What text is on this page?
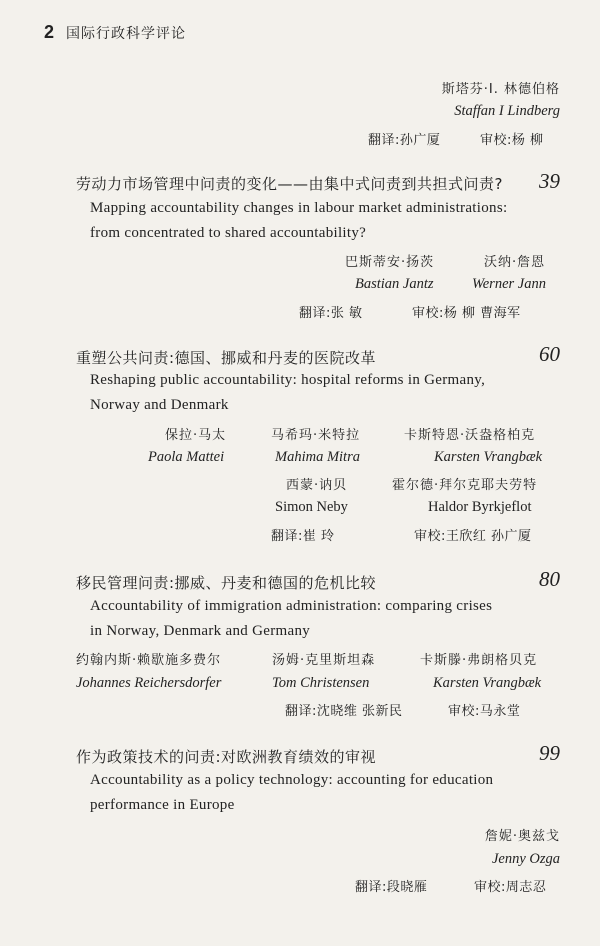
2 国际行政科学评论
斯塔芬·I. 林德伯格
Staffan I Lindberg
翻译:孙广厦	审校:杨 柳
劳动力市场管理中问责的变化——由集中式问责到共担式问责? 39
Mapping accountability changes in labour market administrations:
from concentrated to shared accountability?
巴斯蒂安·扬茨	沃纳·詹恩
Bastian Jantz	Werner Jann
翻译:张 敏	审校:杨 柳 曹海军
重塑公共问责:德国、挪威和丹麦的医院改革	60
Reshaping public accountability: hospital reforms in Germany,
Norway and Denmark
保拉·马太	马希玛·米特拉	卡斯特恩·沃盎格柏克
Paola Mattei	Mahima Mitra	Karsten Vrangbæk
西蒙·讷贝	霍尔德·拜尔克耶夫劳特
Simon Neby	Haldor Byrkjeflot
翻译:崔 玲	审校:王欣红 孙广厦
移民管理问责:挪威、丹麦和德国的危机比较	80
Accountability of immigration administration: comparing crises
in Norway, Denmark and Germany
约翰内斯·赖歇施多费尔	汤姆·克里斯坦森	卡斯滕·弗朗格贝克
Johannes Reichersdorfer	Tom Christensen	Karsten Vrangbæk
翻译:沈晓维 张新民	审校:马永堂
作为政策技术的问责:对欧洲教育绩效的审视	99
Accountability as a policy technology: accounting for education
performance in Europe
詹妮·奥兹戈
Jenny Ozga
翻译:段晓雁	审校:周志忍
